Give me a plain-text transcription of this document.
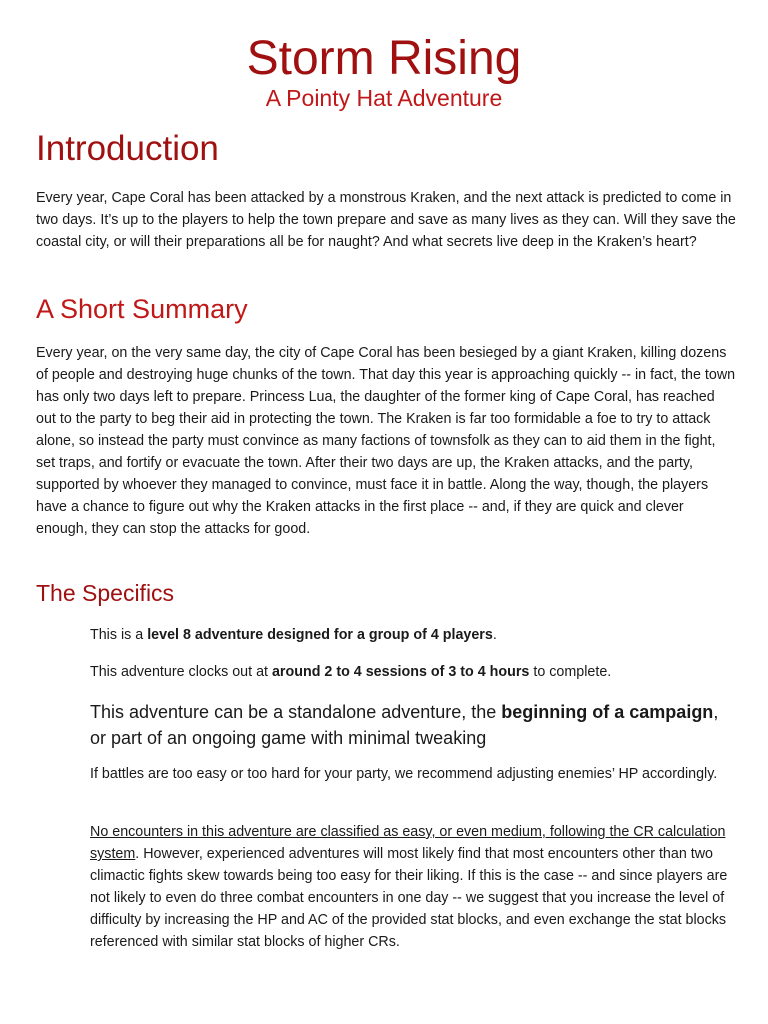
Storm Rising
A Pointy Hat Adventure
Introduction

Every year, Cape Coral has been attacked by a monstrous Kraken, and the next attack is predicted to come in two days. It’s up to the players to help the town prepare and save as many lives as they can. Will they save the coastal city, or will their preparations all be for naught? And what secrets live deep in the Kraken’s heart?

A Short Summary

Every year, on the very same day, the city of Cape Coral has been besieged by a giant Kraken, killing dozens of people and destroying huge chunks of the town. That day this year is approaching quickly -- in fact, the town has only two days left to prepare. Princess Lua, the daughter of the former king of Cape Coral, has reached out to the party to beg their aid in protecting the town. The Kraken is far too formidable a foe to try to attack alone, so instead the party must convince as many factions of townsfolk as they can to aid them in the fight, set traps, and fortify or evacuate the town. After their two days are up, the Kraken attacks, and the party, supported by whoever they managed to convince, must face it in battle. Along the way, though, the players have a chance to figure out why the Kraken attacks in the first place -- and, if they are quick and clever enough, they can stop the attacks for good.

The Specifics

This is a level 8 adventure designed for a group of 4 players.

This adventure clocks out at around 2 to 4 sessions of 3 to 4 hours to complete.

This adventure can be a standalone adventure, the beginning of a campaign, or part of an ongoing game with minimal tweaking

If battles are too easy or too hard for your party, we recommend adjusting enemies’ HP accordingly.

No encounters in this adventure are classified as easy, or even medium, following the CR calculation system. However, experienced adventures will most likely find that most encounters other than two climactic fights skew towards being too easy for their liking. If this is the case -- and since players are not likely to even do three combat encounters in one day -- we suggest that you increase the level of difficulty by increasing the HP and AC of the provided stat blocks, and even exchange the stat blocks referenced with similar stat blocks of higher CRs.
